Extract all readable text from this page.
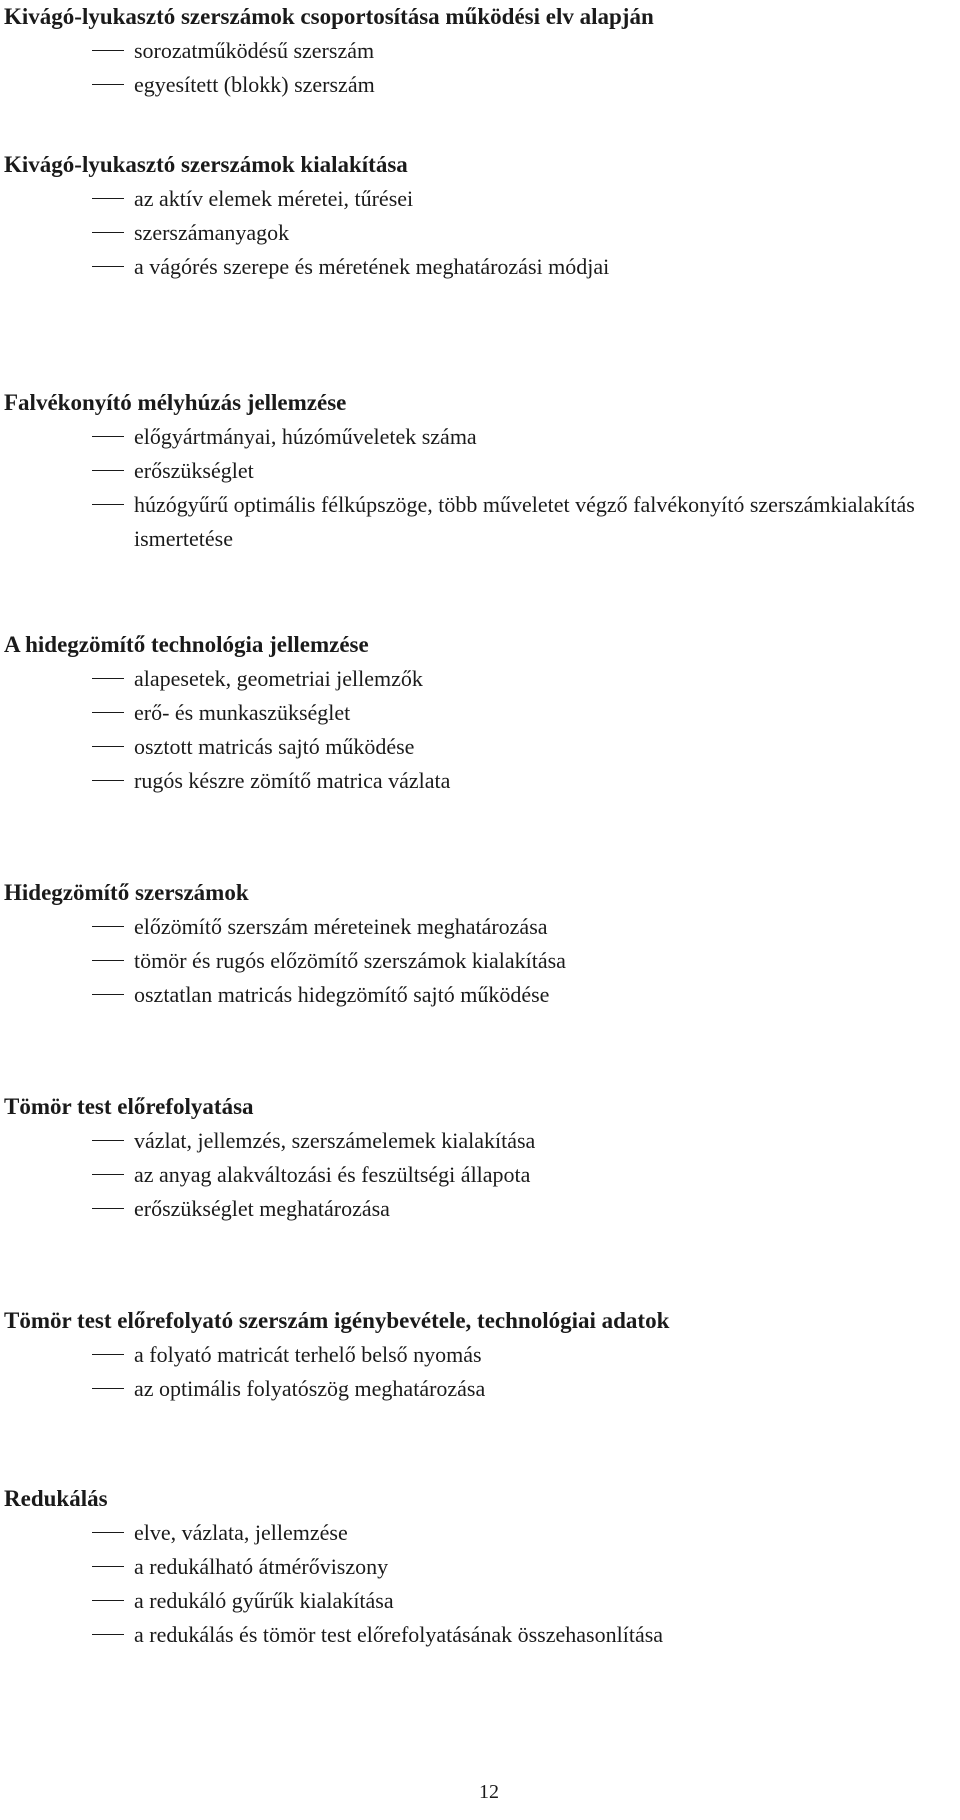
Kivágó-lyukasztó szerszámok csoportosítása működési elv alapján
sorozatműködésű szerszám
egyesített (blokk) szerszám
Kivágó-lyukasztó szerszámok kialakítása
az aktív elemek méretei, tűrései
szerszámanyagok
a vágórés szerepe és méretének meghatározási módjai
Falvékonyító mélyhúzás jellemzése
előgyártmányai, húzóműveletek száma
erőszükséglet
húzógyűrű optimális félkúpszöge, több műveletet végző falvékonyító szerszámkialakítás ismertetése
A hidegzömítő technológia jellemzése
alapesetek, geometriai jellemzők
erő- és munkaszükséglet
osztott matricás sajtó működése
rugós készre zömítő matrica vázlata
Hidegzömítő szerszámok
előzömítő szerszám méreteinek meghatározása
tömör és rugós előzömítő szerszámok kialakítása
osztatlan matricás hidegzömítő sajtó működése
Tömör test előrefolyatása
vázlat, jellemzés, szerszámelemek kialakítása
az anyag alakváltozási és feszültségi állapota
erőszükséglet meghatározása
Tömör test előrefolyató szerszám igénybevétele, technológiai adatok
a folyató matricát terhelő belső nyomás
az optimális folyatószög meghatározása
Redukálás
elve, vázlata, jellemzése
a redukálható átmérőviszony
a redukáló gyűrűk kialakítása
a redukálás és tömör test előrefolyatásának összehasonlítása
12
